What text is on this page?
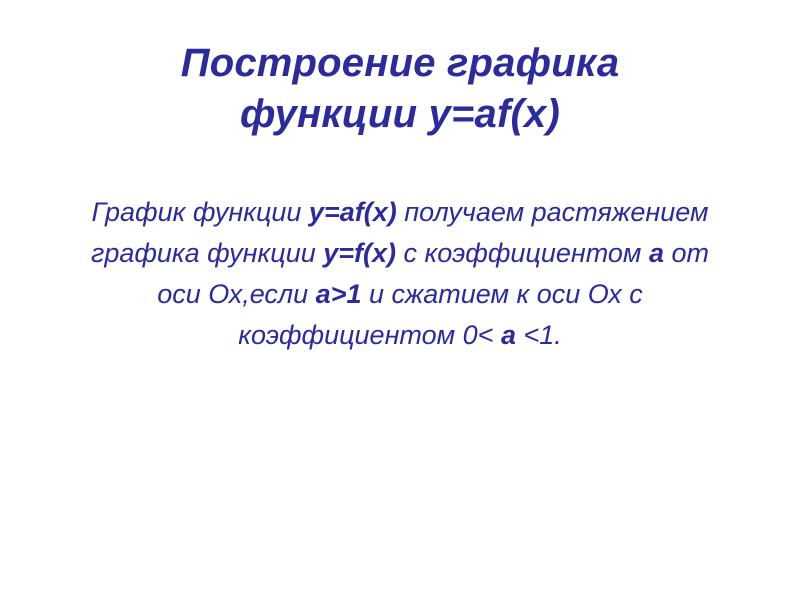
Построение графика
функции y=af(x)
График функции y=af(x) получаем растяжением графика функции y=f(x) с коэффициентом a от оси Ох,если a>1 и сжатием к оси Ох с коэффициентом 0< a <1.
